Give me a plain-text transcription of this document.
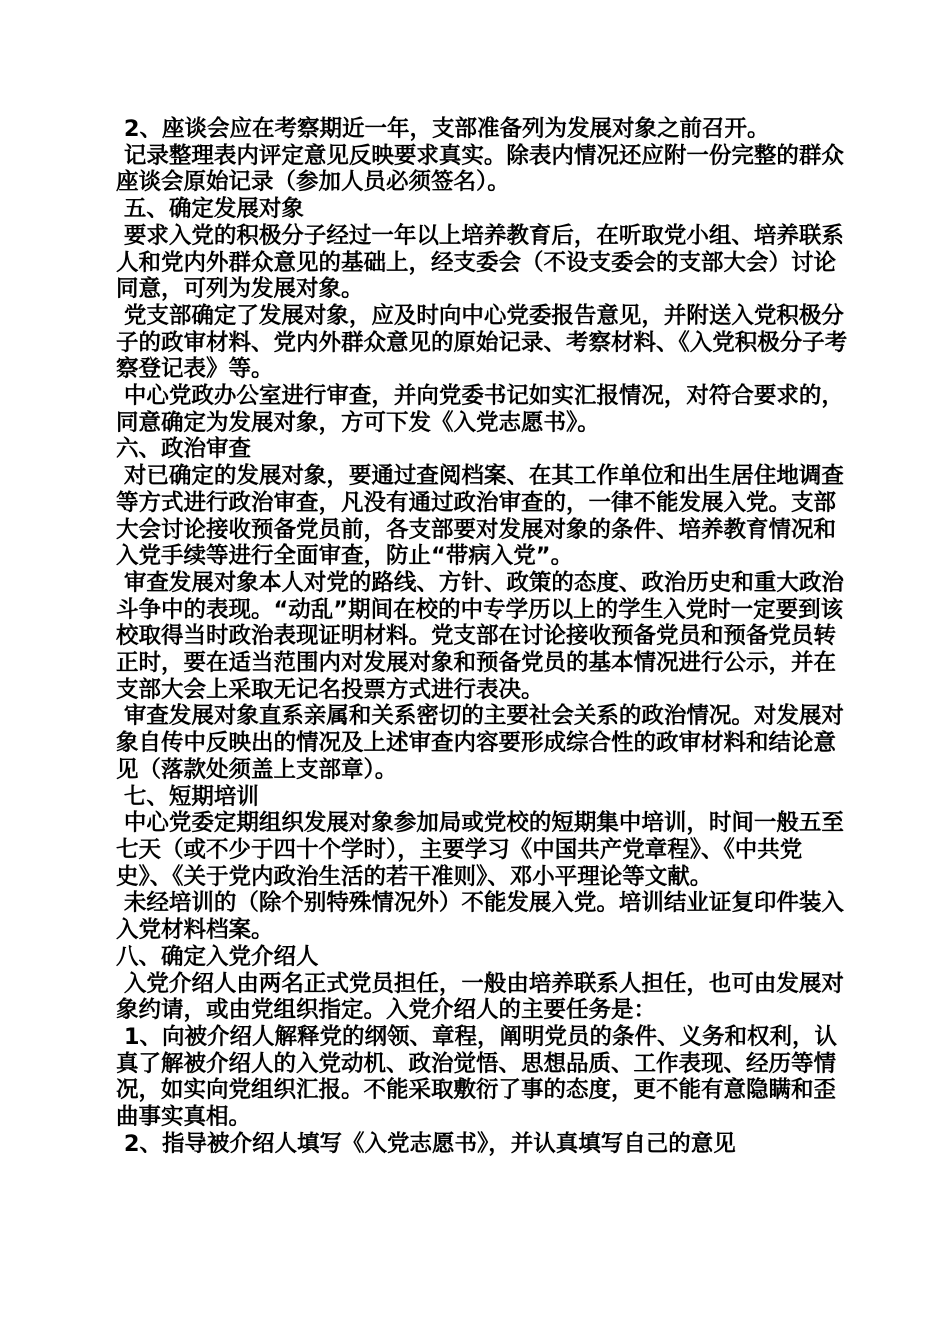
2、座谈会应在考察期近一年，支部准备列为发展对象之前召开。

记录整理表内评定意见反映要求真实。除表内情况还应附一份完整的群众座谈会原始记录（参加人员必须签名）。

五、确定发展对象

要求入党的积极分子经过一年以上培养教育后，在听取党小组、培养联系人和党内外群众意见的基础上，经支委会（不设支委会的支部大会）讨论同意，可列为发展对象。

党支部确定了发展对象，应及时向中心党委报告意见，并附送入党积极分子的政审材料、党内外群众意见的原始记录、考察材料、《入党积极分子考察登记表》等。

中心党政办公室进行审查，并向党委书记如实汇报情况，对符合要求的，同意确定为发展对象，方可下发《入党志愿书》。

六、政治审查

对已确定的发展对象，要通过查阅档案、在其工作单位和出生居住地调查等方式进行政治审查，凡没有通过政治审查的，一律不能发展入党。支部大会讨论接收预备党员前，各支部要对发展对象的条件、培养教育情况和入党手续等进行全面审查，防止“带病入党”。

审查发展对象本人对党的路线、方针、政策的态度、政治历史和重大政治斗争中的表现。“动乱”期间在校的中专学历以上的学生入党时一定要到该校取得当时政治表现证明材料。党支部在讨论接收预备党员和预备党员转正时，要在适当范围内对发展对象和预备党员的基本情况进行公示，并在支部大会上采取无记名投票方式进行表决。

审查发展对象直系亲属和关系密切的主要社会关系的政治情况。对发展对象自传中反映出的情况及上述审查内容要形成综合性的政审材料和结论意见（落款处须盖上支部章）。

七、短期培训

中心党委定期组织发展对象参加局或党校的短期集中培训，时间一般五至七天（或不少于四十个学时），主要学习《中国共产党章程》、《中共党史》、《关于党内政治生活的若干准则》、邓小平理论等文献。

未经培训的（除个别特殊情况外）不能发展入党。培训结业证复印件装入入党材料档案。

八、确定入党介绍人

入党介绍人由两名正式党员担任，一般由培养联系人担任，也可由发展对象约请，或由党组织指定。入党介绍人的主要任务是：

1、向被介绍人解释党的纲领、章程，阐明党员的条件、义务和权利，认真了解被介绍人的入党动机、政治觉悟、思想品质、工作表现、经历等情况，如实向党组织汇报。不能采取敷衍了事的态度，更不能有意隐瞒和歪曲事实真相。

2、指导被介绍人填写《入党志愿书》，并认真填写自己的意见
